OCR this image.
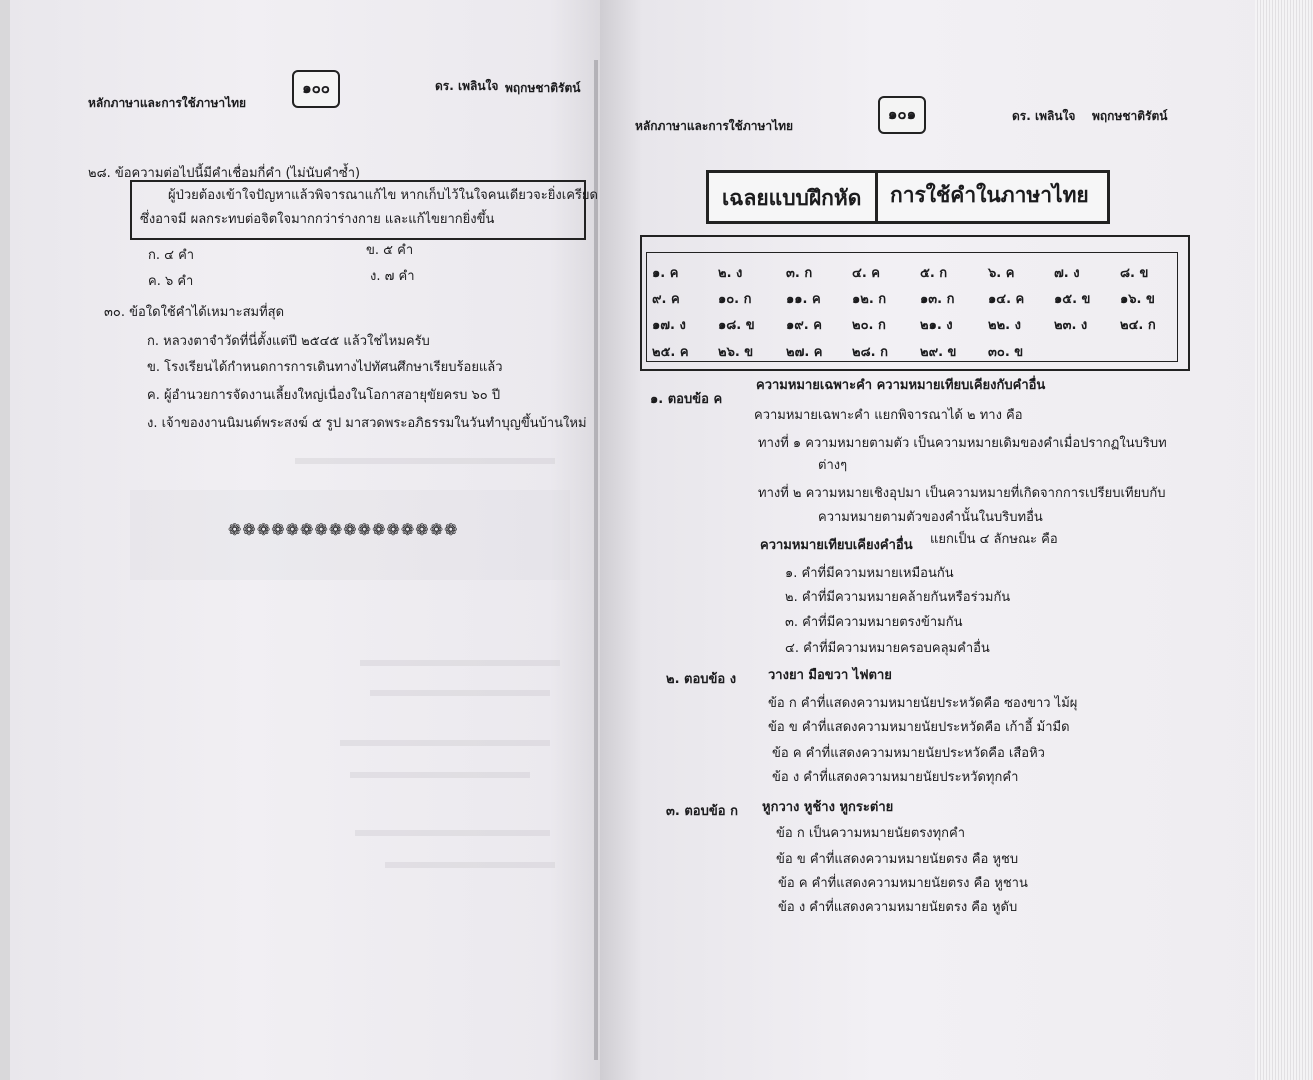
หลักภาษาและการใช้ภาษาไทย
๑๐๐	ดร. เพลินใจ พฤกษชาติรัตน์
๒๘. ข้อความต่อไปนี้มีคำเชื่อมกี่คำ (ไม่นับคำซ้ำ)
ผู้ป่วยต้องเข้าใจปัญหาแล้วพิจารณาแก้ไข หากเก็บไว้ในใจคนเดียวจะยิ่งเครียด
ซึ่งอาจมี ผลกระทบต่อจิตใจมากกว่าร่างกาย และแก้ไขยากยิ่งขึ้น
ก. ๔ คำ	ข. ๕ คำ
ค. ๖ คำ	ง. ๗ คำ
๓๐. ข้อใดใช้คำได้เหมาะสมที่สุด
ก. หลวงตาจำวัดที่นี่ตั้งแต่ปี ๒๕๔๕ แล้วใช่ไหมครับ
ข. โรงเรียนได้กำหนดการการเดินทางไปทัศนศึกษาเรียบร้อยแล้ว
ค. ผู้อำนวยการจัดงานเลี้ยงใหญ่เนื่องในโอกาสอายุขัยครบ ๖๐ ปี
ง. เจ้าของงานนิมนต์พระสงฆ์ ๕ รูป มาสวดพระอภิธรรมในวันทำบุญขึ้นบ้านใหม่
❁❁❁❁❁❁❁❁❁❁❁❁❁❁❁❁
หลักภาษาและการใช้ภาษาไทย
๑๐๑	ดร. เพลินใจ พฤกษชาติรัตน์
เฉลยแบบฝึกหัด การใช้คำในภาษาไทย
๑. ค	๒. ง	๓. ก	๔. ค	๕. ก	๖. ค	๗. ง	๘. ข
๙. ค	๑๐. ก	๑๑. ค ๑๒. ก	๑๓. ก	๑๔. ค ๑๕. ข ๑๖. ข
๑๗. ง ๑๘. ข ๑๙. ค ๒๐. ก	๒๑. ง	๒๒. ง	๒๓. ง	๒๔. ก
๒๕. ค ๒๖. ข	๒๗. ค ๒๘. ก ๒๙. ข ๓๐. ข
๑. ตอบข้อ ค
ความหมายเฉพาะคำ ความหมายเทียบเคียงกับคำอื่น
ความหมายเฉพาะคำ แยกพิจารณาได้ ๒ ทาง คือ
ทางที่ ๑ ความหมายตามตัว เป็นความหมายเดิมของคำเมื่อปรากฏในบริบท
ต่างๆ
ทางที่ ๒ ความหมายเชิงอุปมา เป็นความหมายที่เกิดจากการเปรียบเทียบกับ
ความหมายตามตัวของคำนั้นในบริบทอื่น
ความหมายเทียบเคียงคำอื่น แยกเป็น ๔ ลักษณะ คือ
๑. คำที่มีความหมายเหมือนกัน
๒. คำที่มีความหมายคล้ายกันหรือร่วมกัน
๓. คำที่มีความหมายตรงข้ามกัน
๔. คำที่มีความหมายครอบคลุมคำอื่น
๒. ตอบข้อ ง วางยา มือขวา ไฟตาย
ข้อ ก คำที่แสดงความหมายนัยประหวัดคือ ซองขาว ไม้ผุ
ข้อ ข คำที่แสดงความหมายนัยประหวัดคือ เก้าอี้ ม้ามืด
ข้อ ค คำที่แสดงความหมายนัยประหวัดคือ เสือหิว
ข้อ ง คำที่แสดงความหมายนัยประหวัดทุกคำ
๓. ตอบข้อ ก หูกวาง หูช้าง หูกระต่าย
ข้อ ก เป็นความหมายนัยตรงทุกคำ
ข้อ ข คำที่แสดงความหมายนัยตรง คือ หูชบ
ข้อ ค คำที่แสดงความหมายนัยตรง คือ หูชาน
ข้อ ง คำที่แสดงความหมายนัยตรง คือ หูดับ
